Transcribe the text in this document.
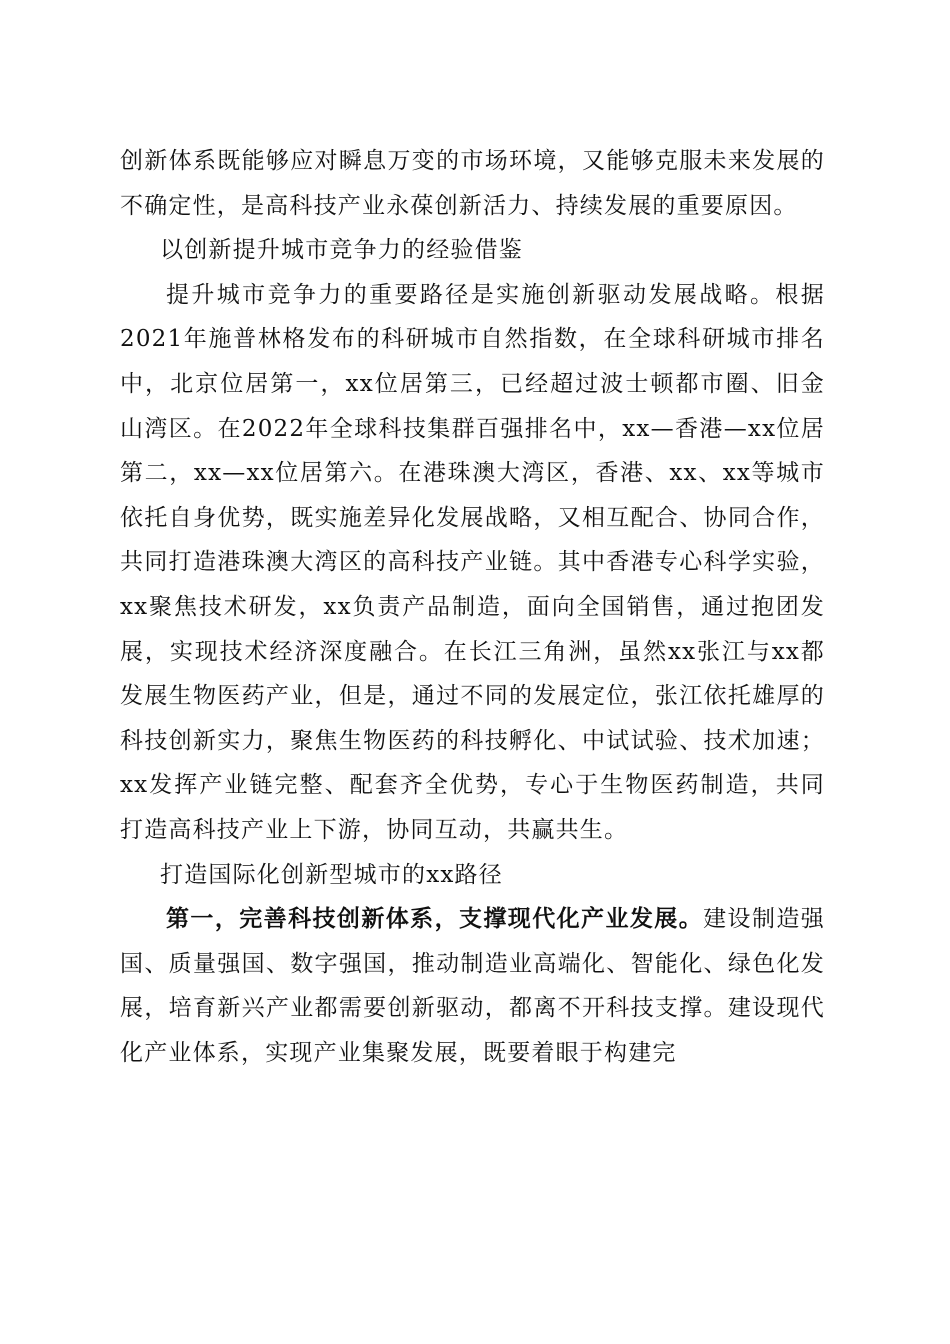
创新体系既能够应对瞬息万变的市场环境，又能够克服未来发展的不确定性，是高科技产业永葆创新活力、持续发展的重要原因。

以创新提升城市竞争力的经验借鉴

提升城市竞争力的重要路径是实施创新驱动发展战略。根据2021年施普林格发布的科研城市自然指数，在全球科研城市排名中，北京位居第一，xx位居第三，已经超过波士顿都市圈、旧金山湾区。在2022年全球科技集群百强排名中，xx—香港—xx位居第二，xx—xx位居第六。在港珠澳大湾区，香港、xx、xx等城市依托自身优势，既实施差异化发展战略，又相互配合、协同合作，共同打造港珠澳大湾区的高科技产业链。其中香港专心科学实验，xx聚焦技术研发，xx负责产品制造，面向全国销售，通过抱团发展，实现技术经济深度融合。在长江三角洲，虽然xx张江与xx都发展生物医药产业，但是，通过不同的发展定位，张江依托雄厚的科技创新实力，聚焦生物医药的科技孵化、中试试验、技术加速；xx发挥产业链完整、配套齐全优势，专心于生物医药制造，共同打造高科技产业上下游，协同互动，共赢共生。

打造国际化创新型城市的xx路径

第一，完善科技创新体系，支撑现代化产业发展。建设制造强国、质量强国、数字强国，推动制造业高端化、智能化、绿色化发展，培育新兴产业都需要创新驱动，都离不开科技支撑。建设现代化产业体系，实现产业集聚发展，既要着眼于构建完
